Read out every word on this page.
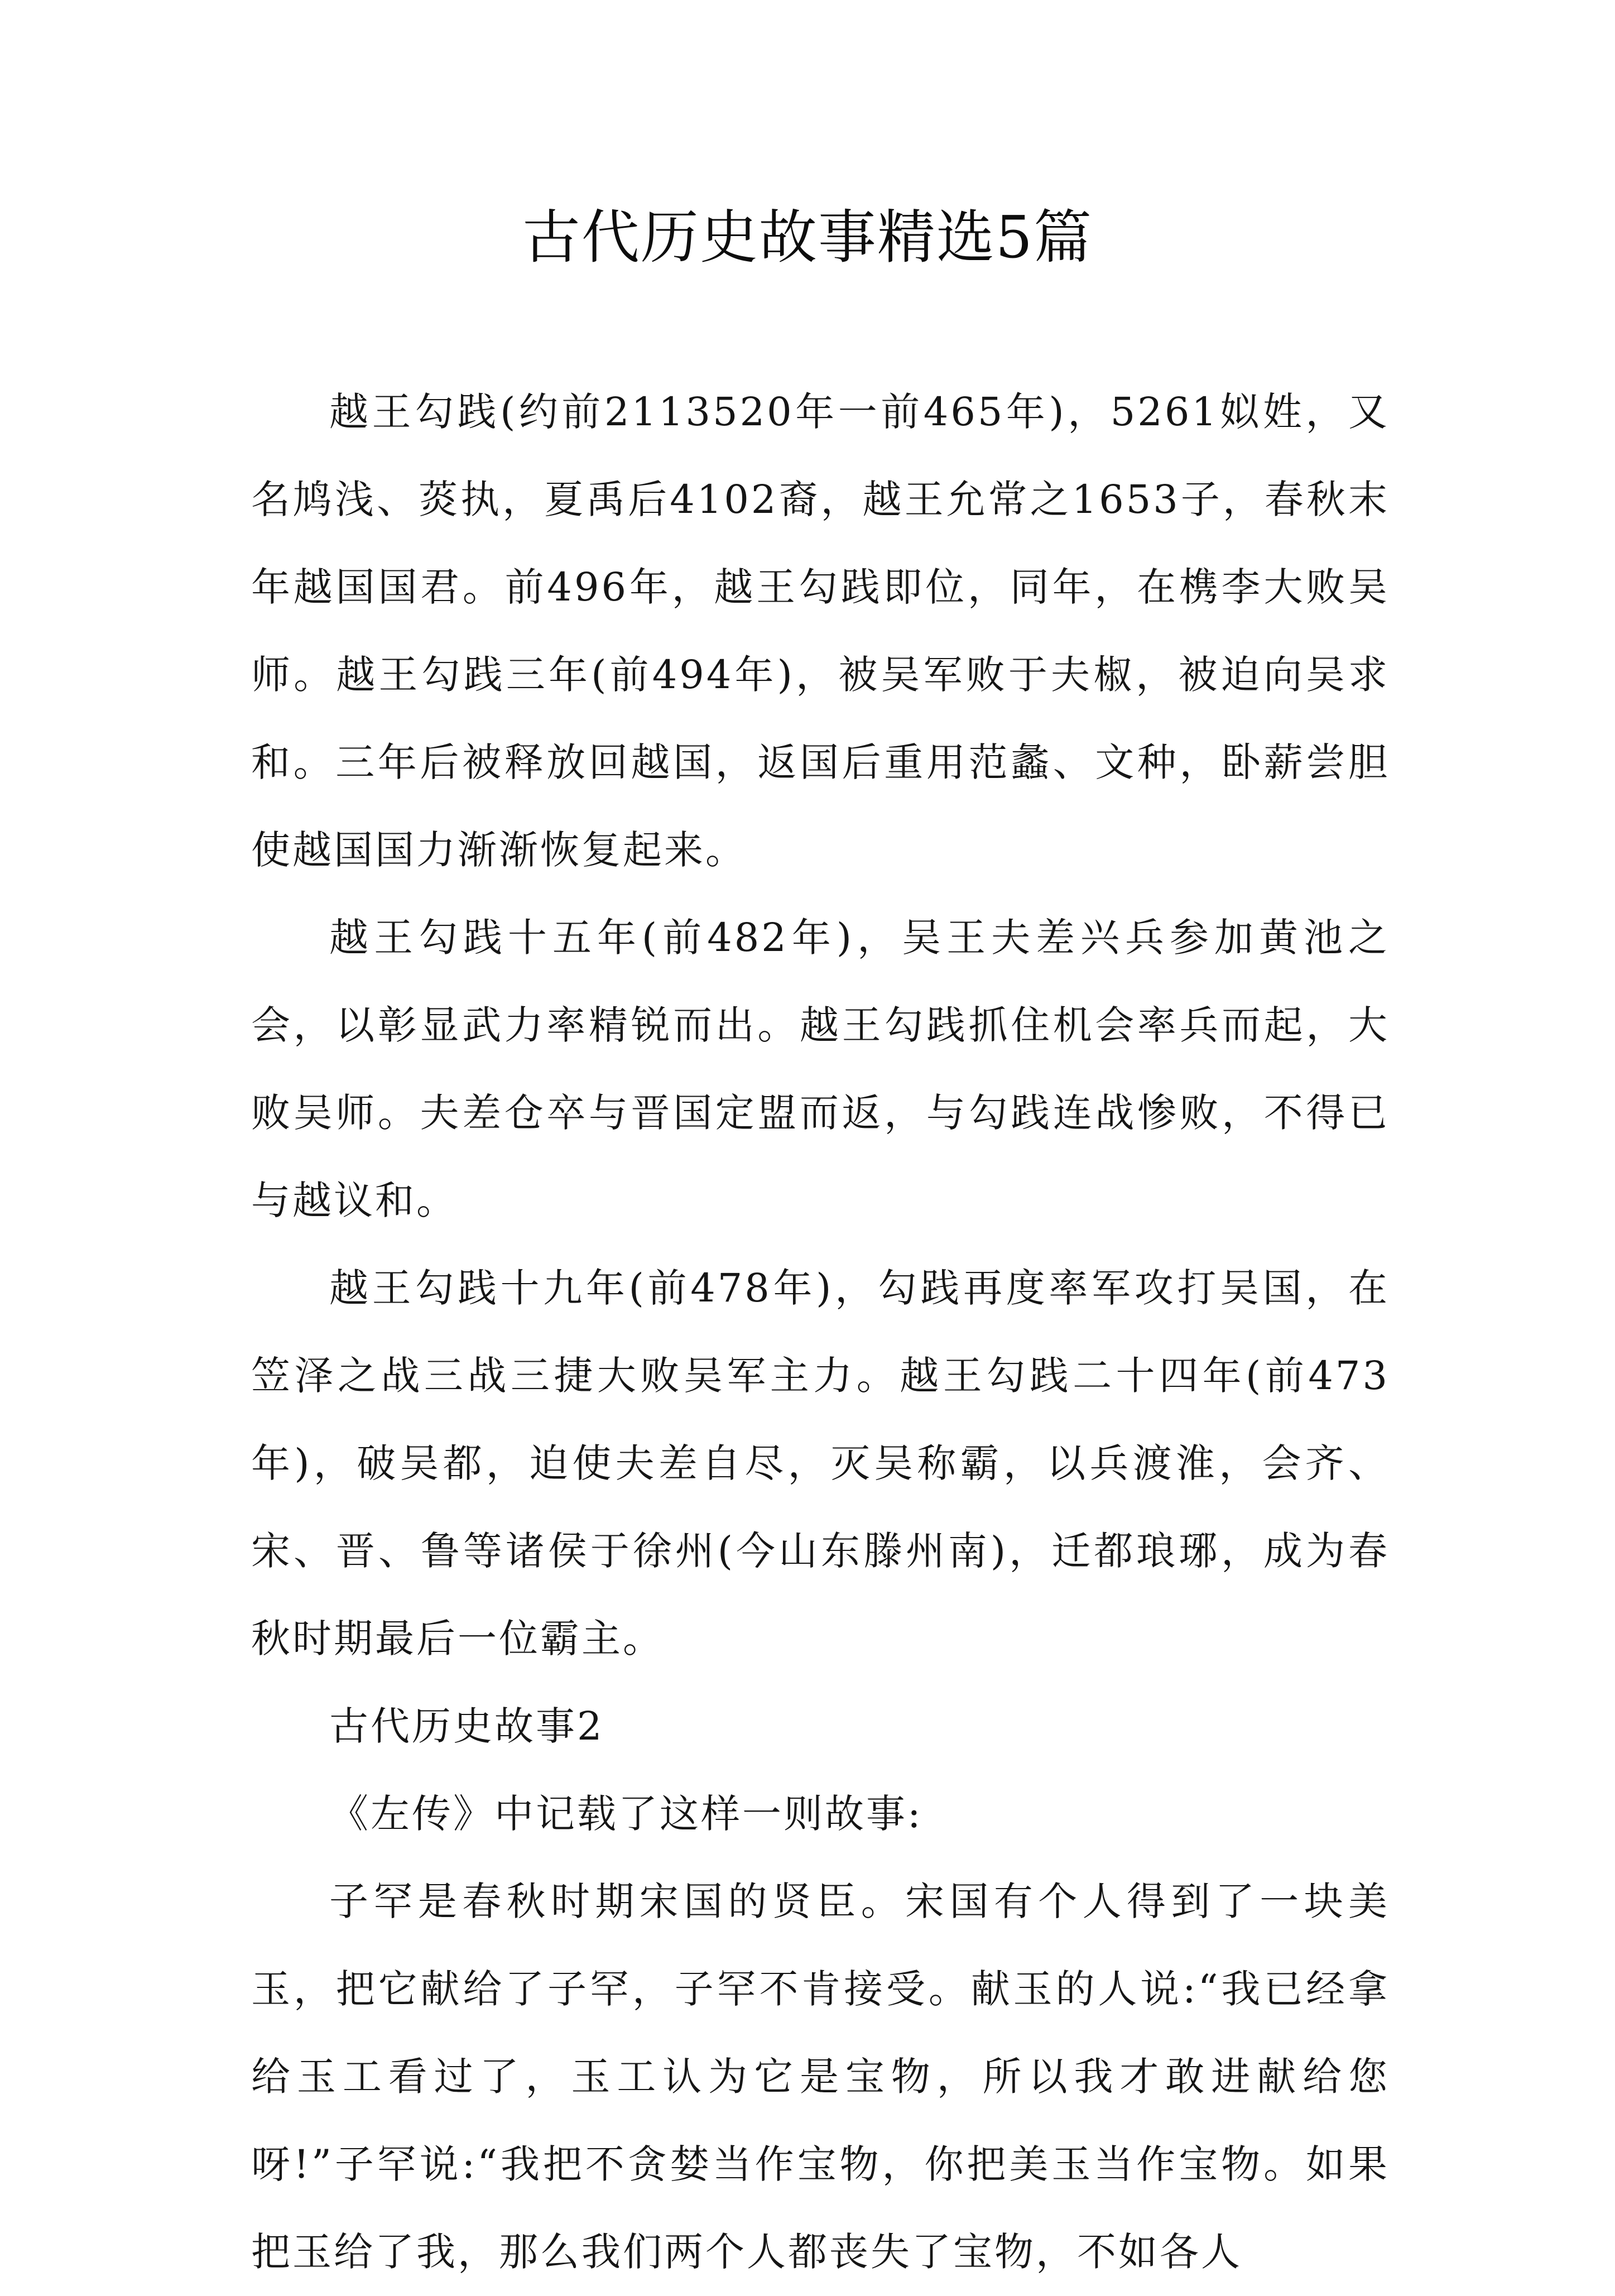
古代历史故事精选5篇

越王勾践(约前2113520年一前465年)，5261姒姓，又名鸠浅、菼执，夏禹后4102裔，越王允常之1653子，春秋末年越国国君。前496年，越王勾践即位，同年，在槜李大败吴师。越王勾践三年(前494年)，被吴军败于夫椒，被迫向吴求和。三年后被释放回越国，返国后重用范蠡、文种，卧薪尝胆使越国国力渐渐恢复起来。

越王勾践十五年(前482年)，吴王夫差兴兵参加黄池之会，以彰显武力率精锐而出。越王勾践抓住机会率兵而起，大败吴师。夫差仓卒与晋国定盟而返，与勾践连战惨败，不得已与越议和。

越王勾践十九年(前478年)，勾践再度率军攻打吴国，在笠泽之战三战三捷大败吴军主力。越王勾践二十四年(前473年)，破吴都，迫使夫差自尽，灭吴称霸，以兵渡淮，会齐、宋、晋、鲁等诸侯于徐州(今山东滕州南)，迁都琅琊，成为春秋时期最后一位霸主。

古代历史故事2

《左传》中记载了这样一则故事:

子罕是春秋时期宋国的贤臣。宋国有个人得到了一块美玉，把它献给了子罕，子罕不肯接受。献玉的人说:“我已经拿给玉工看过了，玉工认为它是宝物，所以我才敢进献给您呀!”子罕说:“我把不贪婪当作宝物，你把美玉当作宝物。如果把玉给了我，那么我们两个人都丧失了宝物，不如各人
